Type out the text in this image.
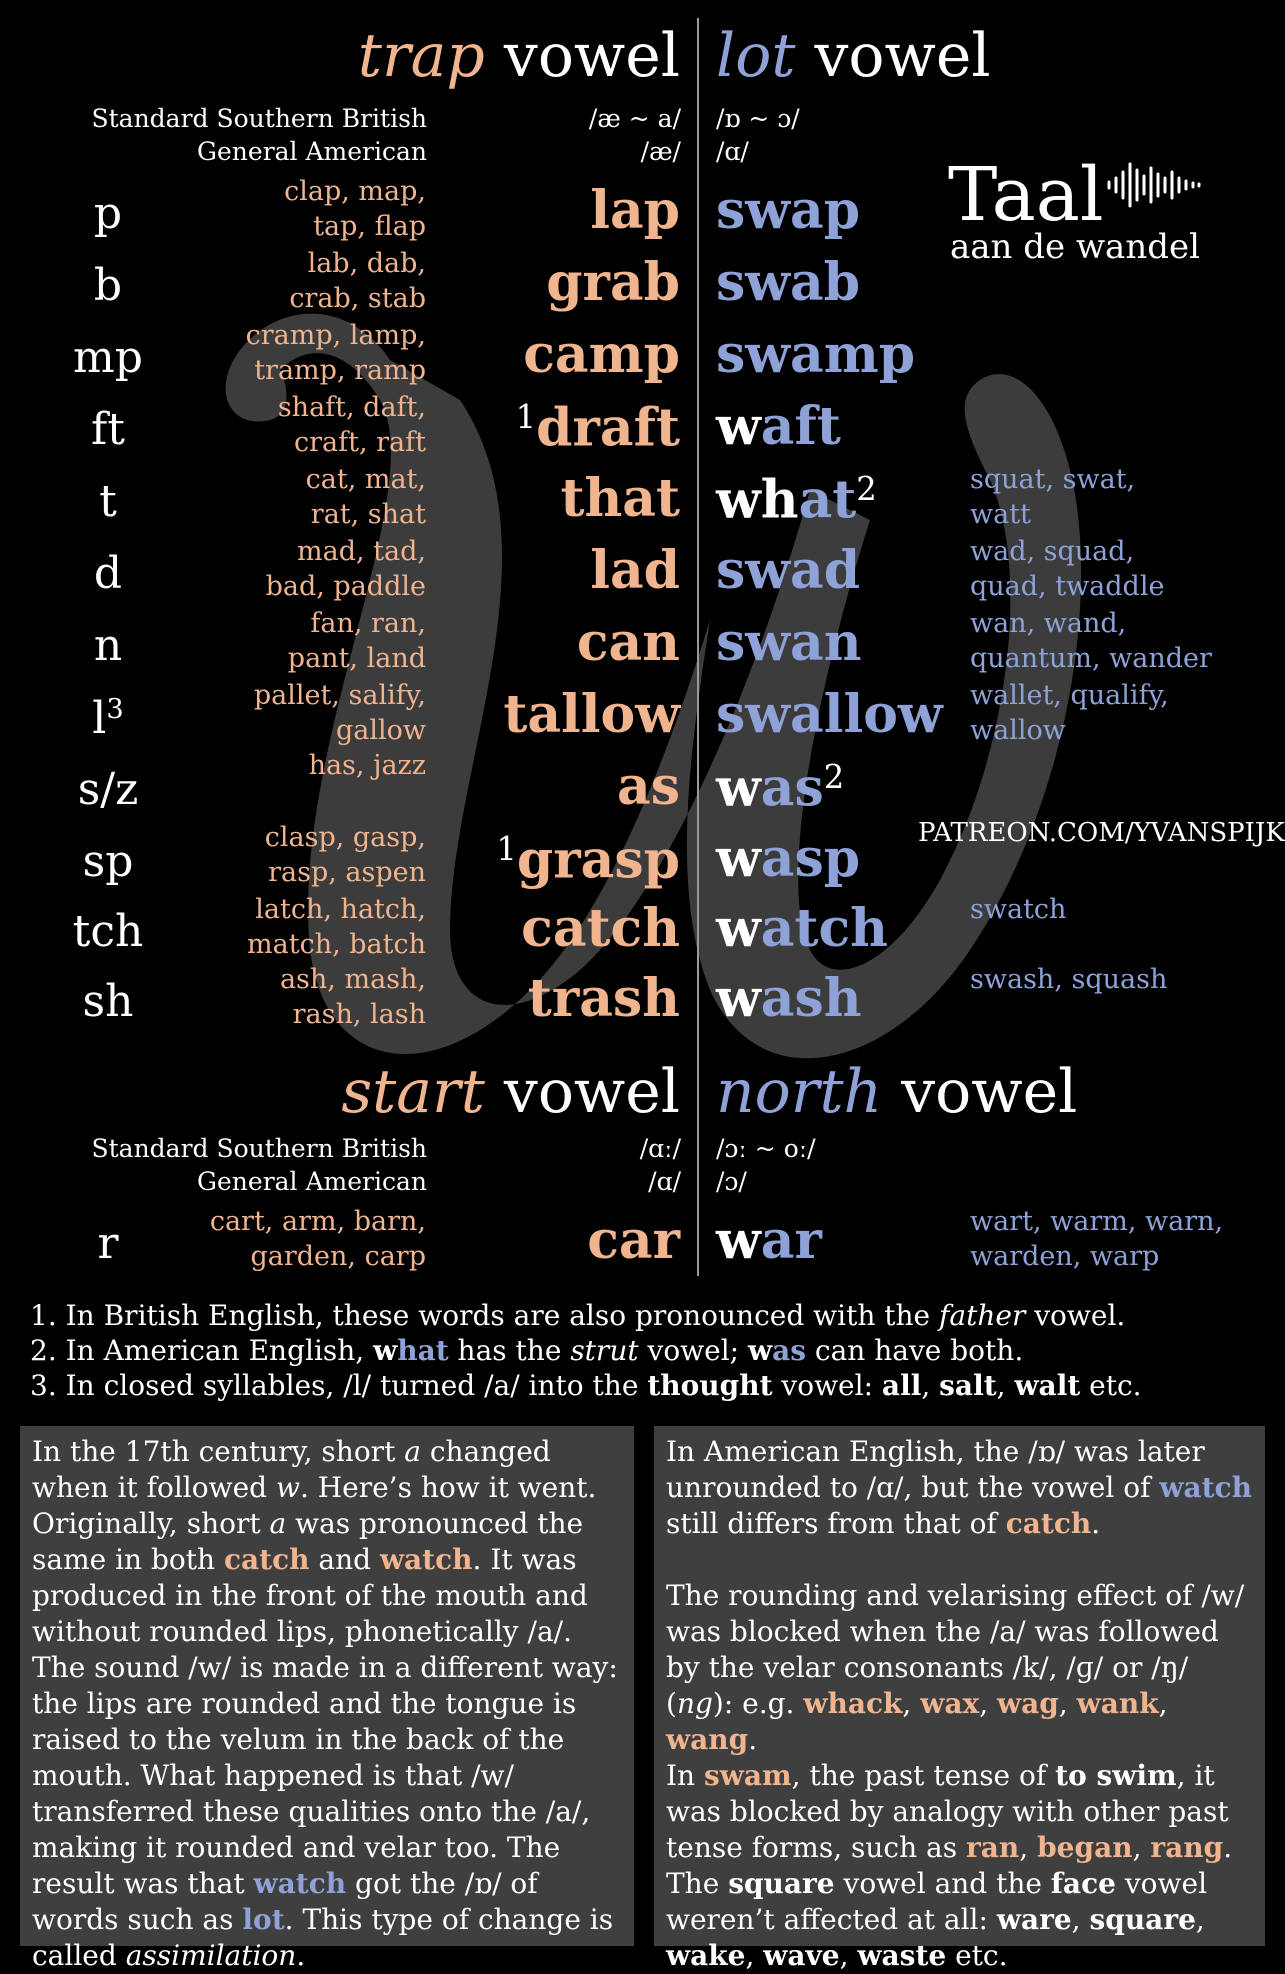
trap vowel lot vowel
Standard Southern British
General American
/æ ~ a/
/æ/
/ɒ ~ ɔ/
/ɑ/
Taal
aan de wandel
p
b
mp
ft
t
d
n
$l^3$
s/z
sp
tch
sh
r
clap, map,
tap, flap
lab, dab,
crab, stab
cramp, lamp,
tramp, ramp
shaft, daft,
craft, raft
cat, mat,
rat, shat
mad, tad,
bad, paddle
fan, ran,
pant, land
pallet, salify,
gallow
has, jazz
clasp, gasp,
rasp, aspen
latch, hatch,
match, batch
ash, mash,
rash, lash
cart, arm, barn,
garden, carp
lap
grab
camp
$^1$draft
that
lad
can
tallow
as
$^1$grasp
catch
trash
car
swap
swab
swamp
waft
what$^2$
swad
swan
swallow
was$^2$
wasp
watch
wash
war
squat, swat,
watt
wad, squad,
quad, twaddle
wan, wand,
quantum, wander
wallet, qualify,
wallow
swatch
swash, squash
wart, warm, warn,
warden, warp
PATREON.COM/YVANSPIJK
start vowel north vowel
Standard Southern British
General American
/ɑː/
/ɑ/
/ɔː ~ oː/
/ɔ/
1. In British English, these words are also pronounced with the father vowel.
2. In American English, what has the strut vowel; was can have both.
3. In closed syllables, /l/ turned /a/ into the thought vowel: all, salt, walt etc.

In the 17th century, short a changed when it followed w. Here’s how it went. Originally, short a was pronounced the same in both catch and watch. It was produced in the front of the mouth and without rounded lips, phonetically /a/. The sound /w/ is made in a different way: the lips are rounded and the tongue is raised to the velum in the back of the mouth. What happened is that /w/ transferred these qualities onto the /a/, making it rounded and velar too. The result was that watch got the /ɒ/ of words such as lot. This type of change is called assimilation.

In American English, the /ɒ/ was later unrounded to /ɑ/, but the vowel of watch still differs from that of catch.

The rounding and velarising effect of /w/ was blocked when the /a/ was followed by the velar consonants /k/, /ɡ/ or /ŋ/ (ng): e.g. whack, wax, wag, wank, wang.

In swam, the past tense of to swim, it was blocked by analogy with other past tense forms, such as ran, began, rang.

The square vowel and the face vowel weren’t affected at all: ware, square, wake, wave, waste etc.
